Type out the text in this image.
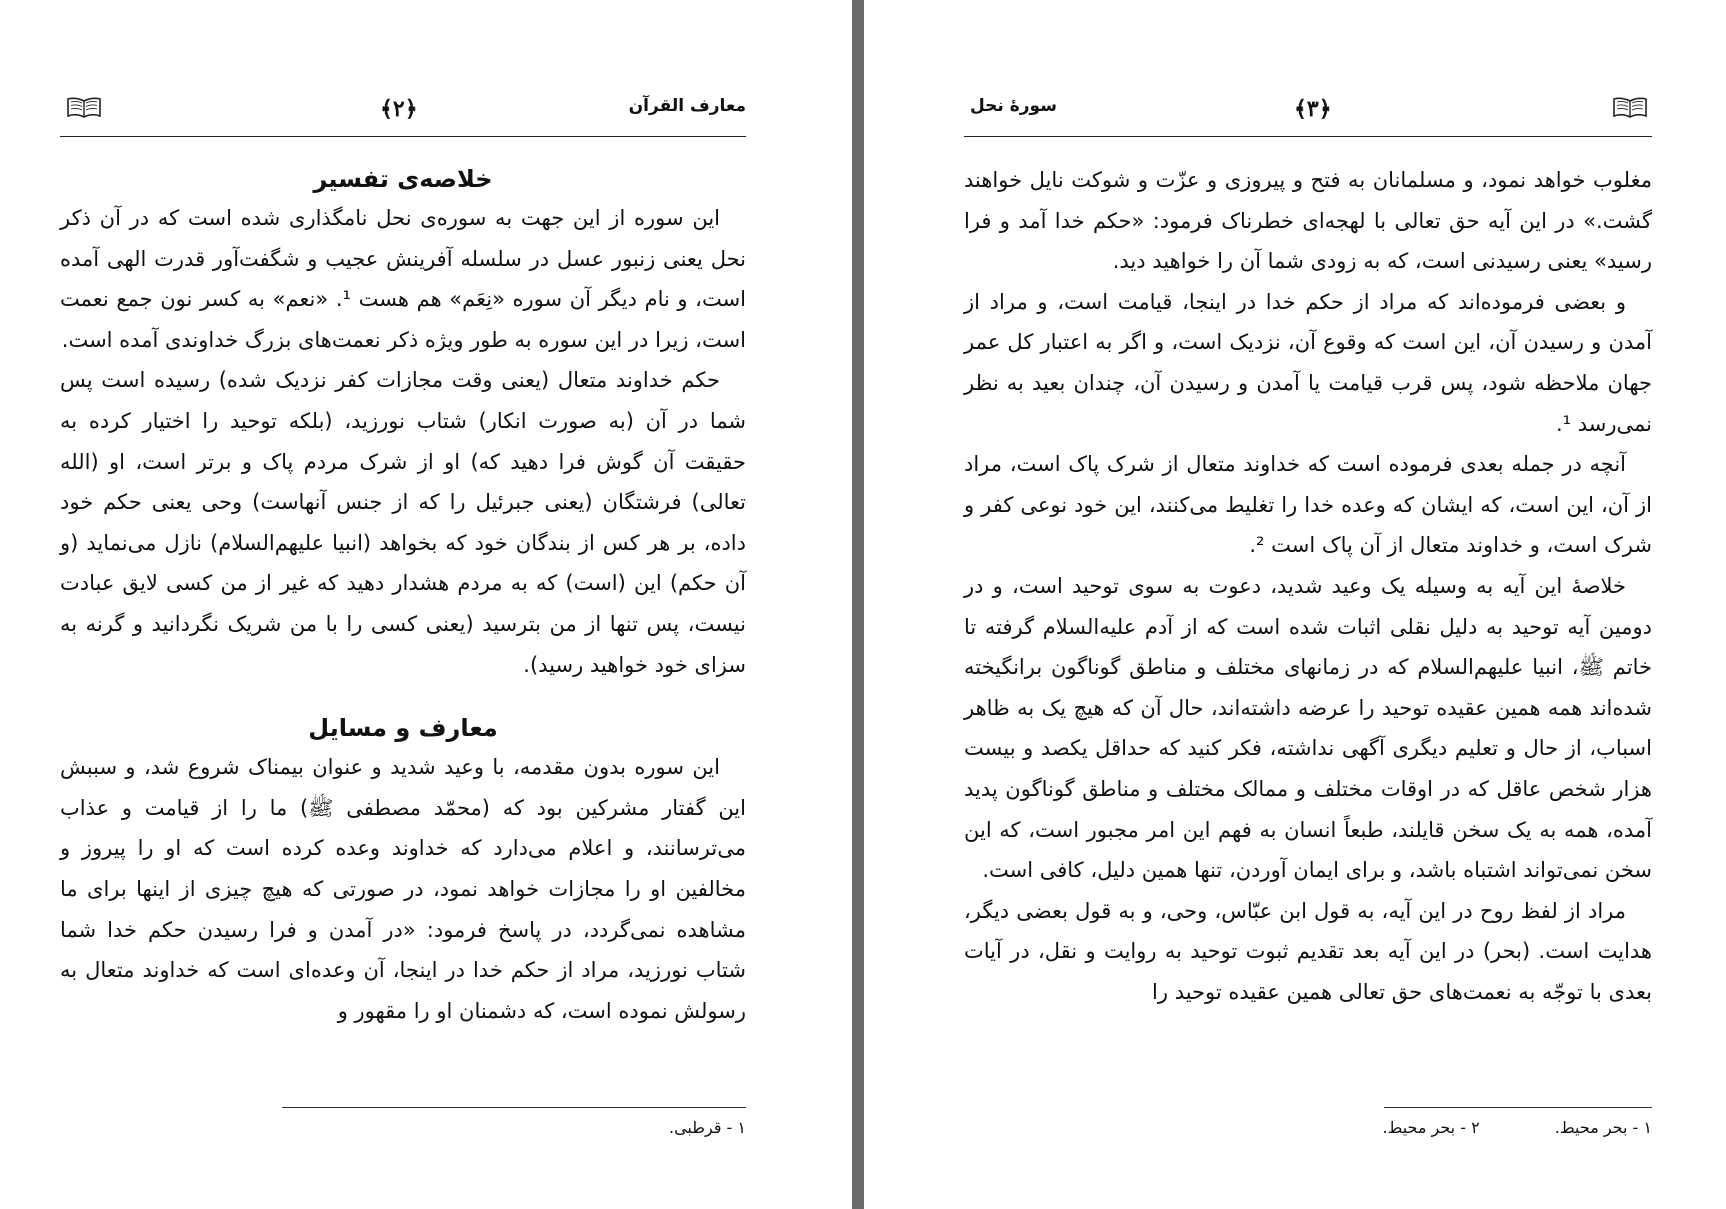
معارف القرآن
﴿۲﴾
خلاصه‌ی تفسیر

این سوره از این جهت به سوره‌ی نحل نامگذاری شده است که در آن ذکر نحل یعنی زنبور عسل در سلسله آفرینش عجیب و شگفت‌آور قدرت الهی آمده است، و نام دیگر آن سوره «نِعَم» هم هست ¹. «نعم» به کسر نون جمع نعمت است، زیرا در این سوره به طور ویژه ذکر نعمت‌های بزرگ خداوندی آمده است.

حکم خداوند متعال (یعنی وقت مجازات کفر نزدیک شده) رسیده است پس شما در آن (به صورت انکار) شتاب نورزید، (بلکه توحید را اختیار کرده به حقیقت آن گوش فرا دهید که) او از شرک مردم پاک و برتر است، او (الله تعالی) فرشتگان (یعنی جبرئیل را که از جنس آنهاست) وحی یعنی حکم خود داده، بر هر کس از بندگان خود که بخواهد (انبیا علیهم‌السلام) نازل می‌نماید (و آن حکم) این (است) که به مردم هشدار دهید که غیر از من کسی لایق عبادت نیست، پس تنها از من بترسید (یعنی کسی را با من شریک نگردانید و گرنه به سزای خود خواهید رسید).

معارف و مسایل

این سوره بدون مقدمه، با وعید شدید و عنوان بیمناک شروع شد، و سببش این گفتار مشرکین بود که (محمّد مصطفی ﷺ) ما را از قیامت و عذاب می‌ترسانند، و اعلام می‌دارد که خداوند وعده کرده است که او را پیروز و مخالفین او را مجازات خواهد نمود، در صورتی که هیچ چیزی از اینها برای ما مشاهده نمی‌گردد، در پاسخ فرمود: «در آمدن و فرا رسیدن حکم خدا شما شتاب نورزید، مراد از حکم خدا در اینجا، آن وعده‌ای است که خداوند متعال به رسولش نموده است، که دشمنان او را مقهور و

۱ - قرطبی.
سوره‌ٔ نحل	﴿۳﴾

مغلوب خواهد نمود، و مسلمانان به فتح و پیروزی و عزّت و شوکت نایل خواهند گشت.» در این آیه حق تعالی با لهجه‌ای خطرناک فرمود: «حکم خدا آمد و فرا رسید» یعنی رسیدنی است، که به زودی شما آن را خواهید دید.

و بعضی فرموده‌اند که مراد از حکم خدا در اینجا، قیامت است، و مراد از آمدن و رسیدن آن، این است که وقوع آن، نزدیک است، و اگر به اعتبار کل عمر جهان ملاحظه شود، پس قرب قیامت یا آمدن و رسیدن آن، چندان بعید به نظر نمی‌رسد ¹.

آنچه در جمله بعدی فرموده است که خداوند متعال از شرک پاک است، مراد از آن، این است، که ایشان که وعده خدا را تغلیط می‌کنند، این خود نوعی کفر و شرک است، و خداوند متعال از آن پاک است ².

خلاصهٔ این آیه به وسیله یک وعید شدید، دعوت به سوی توحید است، و در دومین آیه توحید به دلیل نقلی اثبات شده است که از آدم علیه‌السلام گرفته تا خاتم ﷺ، انبیا علیهم‌السلام که در زمانهای مختلف و مناطق گوناگون برانگیخته شده‌اند همه همین عقیده توحید را عرضه داشته‌اند، حال آن که هیچ یک به ظاهر اسباب، از حال و تعلیم دیگری آگهی نداشته، فکر کنید که حداقل یکصد و بیست هزار شخص عاقل که در اوقات مختلف و ممالک مختلف و مناطق گوناگون پدید آمده، همه به یک سخن قایلند، طبعاً انسان به فهم این امر مجبور است، که این سخن نمی‌تواند اشتباه باشد، و برای ایمان آوردن، تنها همین دلیل، کافی است.

مراد از لفظ روح در این آیه، به قول ابن عبّاس، وحی، و به قول بعضی دیگر، هدایت است. (بحر) در این آیه بعد تقدیم ثبوت توحید به روایت و نقل، در آیات بعدی با توجّه به نعمت‌های حق تعالی همین عقیده توحید را

۱ - بحر محیط. ۲ - بحر محیط.
